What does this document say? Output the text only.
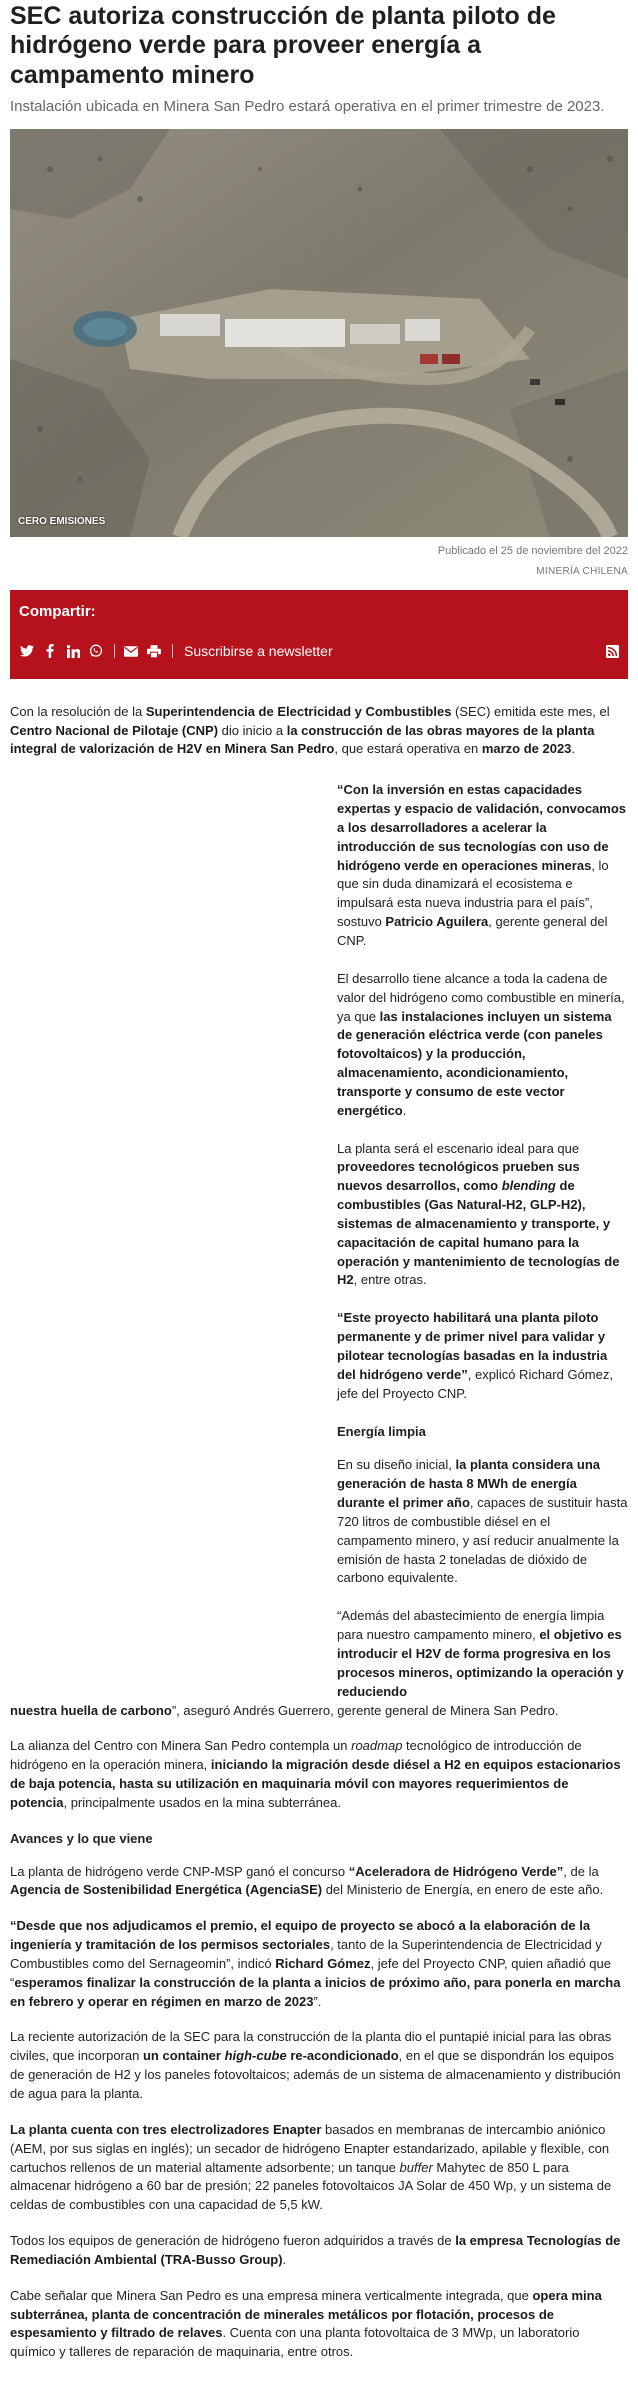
SEC autoriza construcción de planta piloto de hidrógeno verde para proveer energía a campamento minero
Instalación ubicada en Minera San Pedro estará operativa en el primer trimestre de 2023.
CERO EMISIONES
Publicado el 25 de noviembre del 2022
MINERÍA CHILENA
Compartir:
Suscribirse a newsletter

Con la resolución de la Superintendencia de Electricidad y Combustibles (SEC) emitida este mes, el Centro Nacional de Pilotaje (CNP) dio inicio a la construcción de las obras mayores de la planta integral de valorización de H2V en Minera San Pedro, que estará operativa en marzo de 2023.

“Con la inversión en estas capacidades expertas y espacio de validación, convocamos a los desarrolladores a acelerar la introducción de sus tecnologías con uso de hidrógeno verde en operaciones mineras, lo que sin duda dinamizará el ecosistema e impulsará esta nueva industria para el país”, sostuvo Patricio Aguilera, gerente general del CNP.

El desarrollo tiene alcance a toda la cadena de valor del hidrógeno como combustible en minería, ya que las instalaciones incluyen un sistema de generación eléctrica verde (con paneles fotovoltaicos) y la producción, almacenamiento, acondicionamiento, transporte y consumo de este vector energético.

La planta será el escenario ideal para que proveedores tecnológicos prueben sus nuevos desarrollos, como blending de combustibles (Gas Natural-H2, GLP-H2), sistemas de almacenamiento y transporte, y capacitación de capital humano para la operación y mantenimiento de tecnologías de H2, entre otras.

“Este proyecto habilitará una planta piloto permanente y de primer nivel para validar y pilotear tecnologías basadas en la industria del hidrógeno verde”, explicó Richard Gómez, jefe del Proyecto CNP.

Energía limpia

En su diseño inicial, la planta considera una generación de hasta 8 MWh de energía durante el primer año, capaces de sustituir hasta 720 litros de combustible diésel en el campamento minero, y así reducir anualmente la emisión de hasta 2 toneladas de dióxido de carbono equivalente.

“Además del abastecimiento de energía limpia para nuestro campamento minero, el objetivo es introducir el H2V de forma progresiva en los procesos mineros, optimizando la operación y reduciendo

nuestra huella de carbono”, aseguró Andrés Guerrero, gerente general de Minera San Pedro.

La alianza del Centro con Minera San Pedro contempla un roadmap tecnológico de introducción de hidrógeno en la operación minera, iniciando la migración desde diésel a H2 en equipos estacionarios de baja potencia, hasta su utilización en maquinaria móvil con mayores requerimientos de potencia, principalmente usados en la mina subterránea.

Avances y lo que viene

La planta de hidrógeno verde CNP-MSP ganó el concurso “Aceleradora de Hidrógeno Verde”, de la Agencia de Sostenibilidad Energética (AgenciaSE) del Ministerio de Energía, en enero de este año.

“Desde que nos adjudicamos el premio, el equipo de proyecto se abocó a la elaboración de la ingeniería y tramitación de los permisos sectoriales, tanto de la Superintendencia de Electricidad y Combustibles como del Sernageomin”, indicó Richard Gómez, jefe del Proyecto CNP, quien añadió que “esperamos finalizar la construcción de la planta a inicios de próximo año, para ponerla en marcha en febrero y operar en régimen en marzo de 2023”.

La reciente autorización de la SEC para la construcción de la planta dio el puntapié inicial para las obras civiles, que incorporan un container high-cube re-acondicionado, en el que se dispondrán los equipos de generación de H2 y los paneles fotovoltaicos; además de un sistema de almacenamiento y distribución de agua para la planta.

La planta cuenta con tres electrolizadores Enapter basados en membranas de intercambio aniónico (AEM, por sus siglas en inglés); un secador de hidrógeno Enapter estandarizado, apilable y flexible, con cartuchos rellenos de un material altamente adsorbente; un tanque buffer Mahytec de 850 L para almacenar hidrógeno a 60 bar de presión; 22 paneles fotovoltaicos JA Solar de 450 Wp, y un sistema de celdas de combustibles con una capacidad de 5,5 kW.

Todos los equipos de generación de hidrógeno fueron adquiridos a través de la empresa Tecnologías de Remediación Ambiental (TRA-Busso Group).

Cabe señalar que Minera San Pedro es una empresa minera verticalmente integrada, que opera mina subterránea, planta de concentración de minerales metálicos por flotación, procesos de espesamiento y filtrado de relaves. Cuenta con una planta fotovoltaica de 3 MWp, un laboratorio químico y talleres de reparación de maquinaria, entre otros.
